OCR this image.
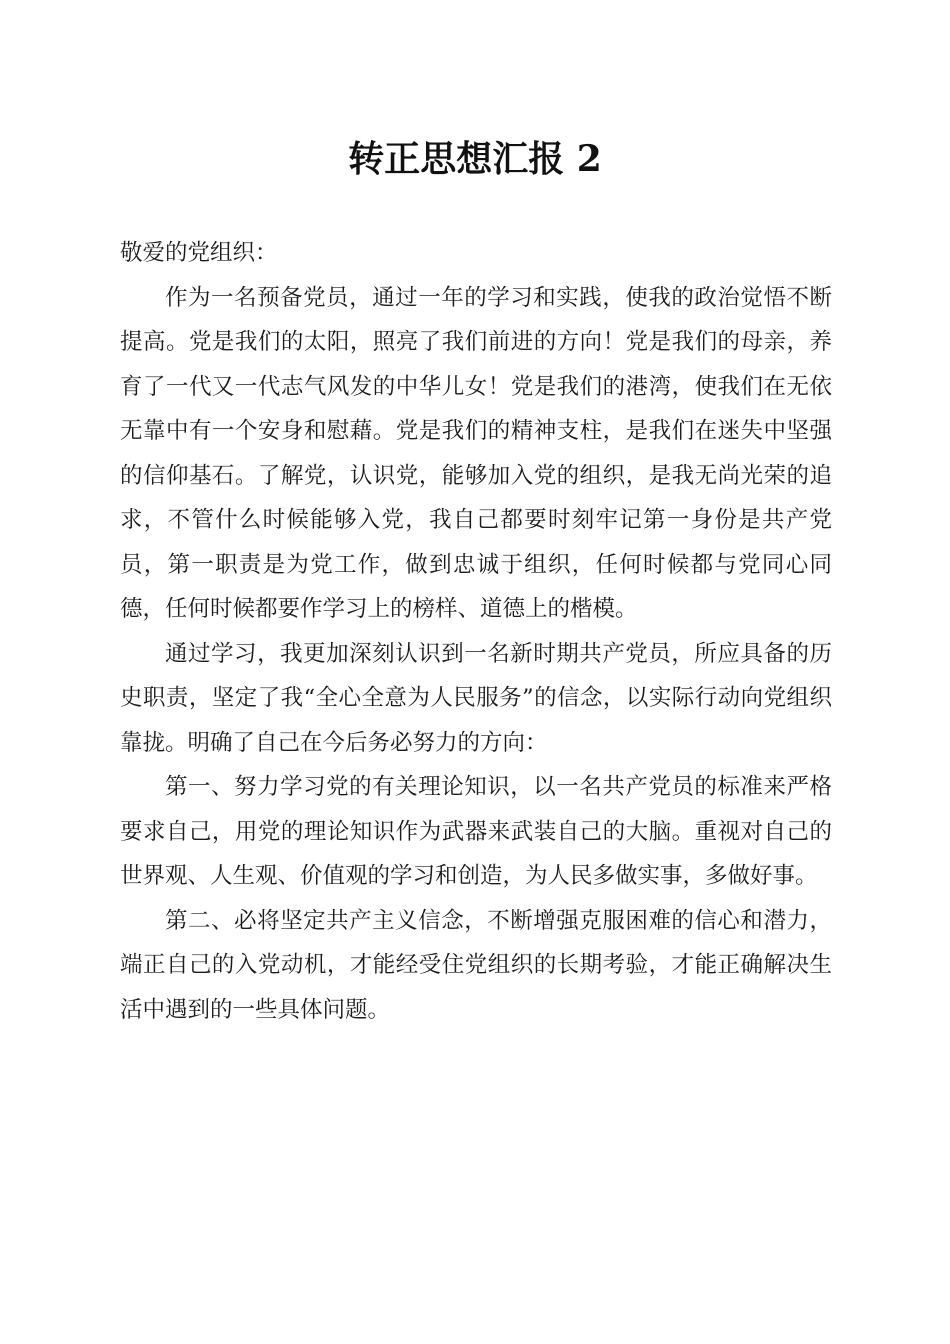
转正思想汇报 2

敬爱的党组织：

作为一名预备党员，通过一年的学习和实践，使我的政治觉悟不断提高。党是我们的太阳，照亮了我们前进的方向！党是我们的母亲，养育了一代又一代志气风发的中华儿女！党是我们的港湾，使我们在无依无靠中有一个安身和慰藉。党是我们的精神支柱，是我们在迷失中坚强的信仰基石。了解党，认识党，能够加入党的组织，是我无尚光荣的追求，不管什么时候能够入党，我自己都要时刻牢记第一身份是共产党员，第一职责是为党工作，做到忠诚于组织，任何时候都与党同心同德，任何时候都要作学习上的榜样、道德上的楷模。

通过学习，我更加深刻认识到一名新时期共产党员，所应具备的历史职责，坚定了我“全心全意为人民服务”的信念，以实际行动向党组织靠拢。明确了自己在今后务必努力的方向：

第一、努力学习党的有关理论知识，以一名共产党员的标准来严格要求自己，用党的理论知识作为武器来武装自己的大脑。重视对自己的世界观、人生观、价值观的学习和创造，为人民多做实事，多做好事。

第二、必将坚定共产主义信念，不断增强克服困难的信心和潜力，端正自己的入党动机，才能经受住党组织的长期考验，才能正确解决生活中遇到的一些具体问题。
